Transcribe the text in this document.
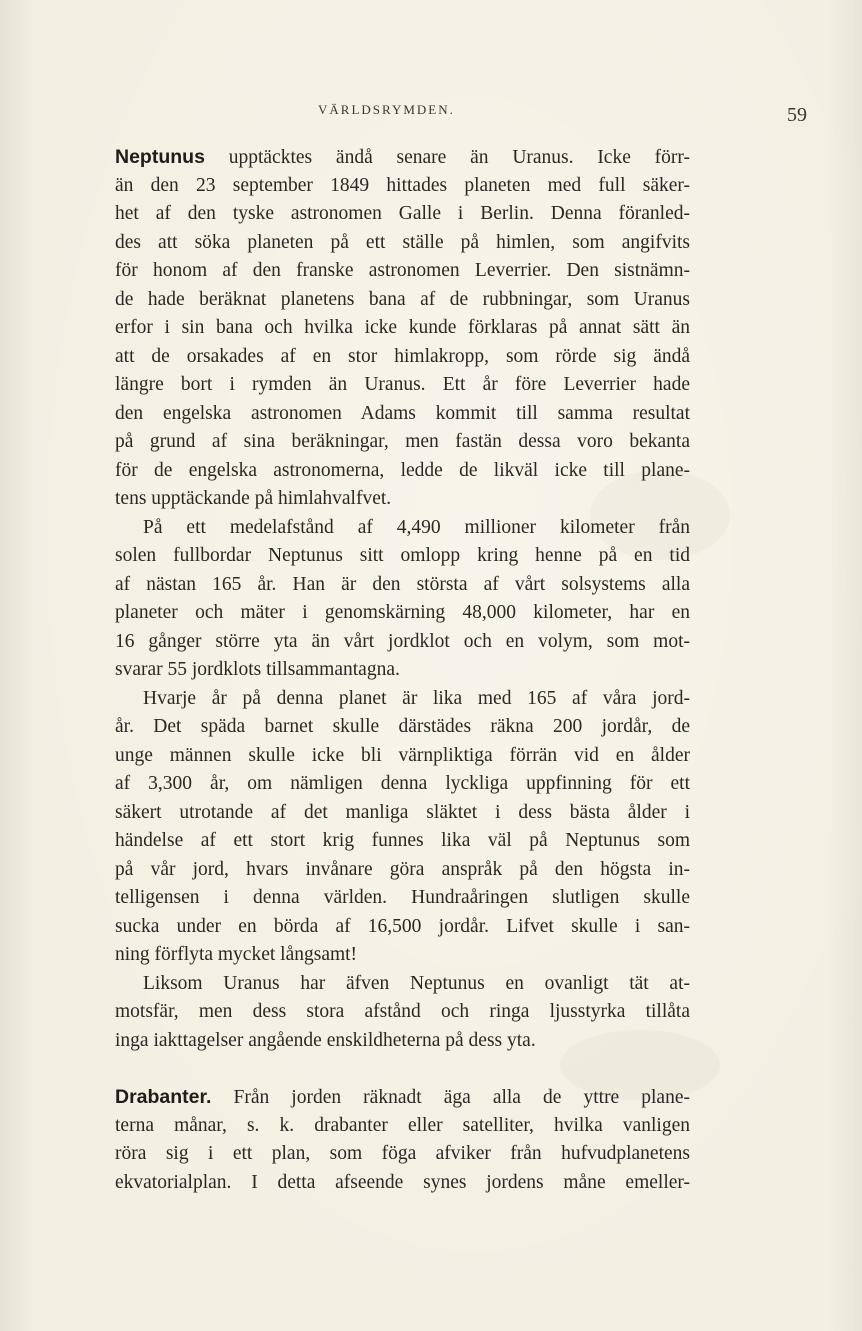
VÄRLDSRYMDEN.	59
Neptunus upptäcktes ändå senare än Uranus. Icke förr-
än den 23 september 1849 hittades planeten med full säker-
het af den tyske astronomen Galle i Berlin. Denna föranled-
des att söka planeten på ett ställe på himlen, som angifvits
för honom af den franske astronomen Leverrier. Den sistnämn-
de hade beräknat planetens bana af de rubbningar, som Uranus
erfor i sin bana och hvilka icke kunde förklaras på annat sätt än
att de orsakades af en stor himlakropp, som rörde sig ändå
längre bort i rymden än Uranus. Ett år före Leverrier hade
den engelska astronomen Adams kommit till samma resultat
på grund af sina beräkningar, men fastän dessa voro bekanta
för de engelska astronomerna, ledde de likväl icke till plane-
tens upptäckande på himlahvalfvet.
På ett medelafstånd af 4,490 millioner kilometer från
solen fullbordar Neptunus sitt omlopp kring henne på en tid
af nästan 165 år. Han är den största af vårt solsystems alla
planeter och mäter i genomskärning 48,000 kilometer, har en
16 gånger större yta än vårt jordklot och en volym, som mot-
svarar 55 jordklots tillsammantagna.
Hvarje år på denna planet är lika med 165 af våra jord-
år. Det späda barnet skulle därstädes räkna 200 jordår, de
unge männen skulle icke bli värnpliktiga förrän vid en ålder
af 3,300 år, om nämligen denna lyckliga uppfinning för ett
säkert utrotande af det manliga släktet i dess bästa ålder i
händelse af ett stort krig funnes lika väl på Neptunus som
på vår jord, hvars invånare göra anspråk på den högsta in-
telligensen i denna världen. Hundraåringen slutligen skulle
sucka under en börda af 16,500 jordår. Lifvet skulle i san-
ning förflyta mycket långsamt!
Liksom Uranus har äfven Neptunus en ovanligt tät at-
motsfär, men dess stora afstånd och ringa ljusstyrka tillåta
inga iakttagelser angående enskildheterna på dess yta.
Drabanter. Från jorden räknadt äga alla de yttre plane-
terna månar, s. k. drabanter eller satelliter, hvilka vanligen
röra sig i ett plan, som föga afviker från hufvudplanetens
ekvatorialplan. I detta afseende synes jordens måne emeller-
